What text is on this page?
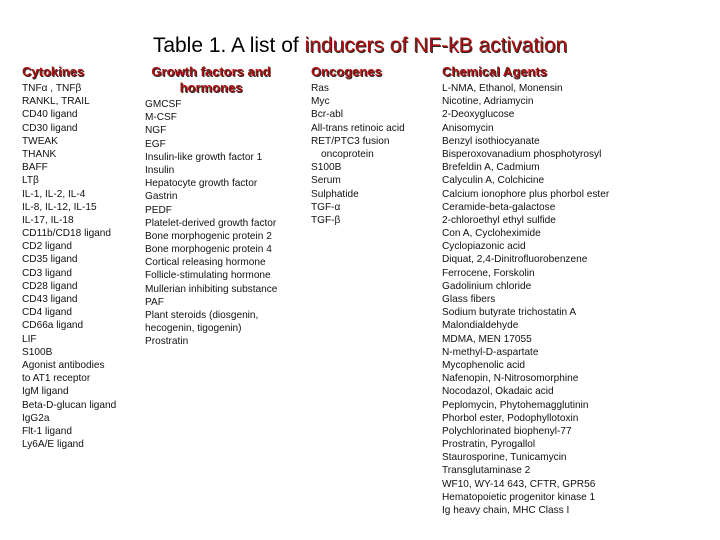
Table 1. A list of inducers of NF-kB activation
Cytokines
TNFα , TNFβ
RANKL, TRAIL
CD40 ligand
CD30 ligand
TWEAK
THANK
BAFF
LTβ
IL-1, IL-2, IL-4
IL-8, IL-12, IL-15
IL-17, IL-18
CD11b/CD18 ligand
CD2 ligand
CD35 ligand
CD3 ligand
CD28 ligand
CD43 ligand
CD4 ligand
CD66a ligand
LIF
S100B
Agonist antibodies
to AT1 receptor
IgM ligand
Beta-D-glucan ligand
IgG2a
Flt-1 ligand
Ly6A/E ligand
Growth factors and
hormones
GMCSF
M-CSF
NGF
EGF
Insulin-like growth factor 1
Insulin
Hepatocyte growth factor
Gastrin
PEDF
Platelet-derived growth factor
Bone morphogenic protein 2
Bone morphogenic protein 4
Cortical releasing hormone
Follicle-stimulating hormone
Mullerian inhibiting substance
PAF
Plant steroids (diosgenin,
hecogenin, tigogenin)
Prostratin
Oncogenes
Ras
Myc
Bcr-abl
All-trans retinoic acid
RET/PTC3 fusion
oncoprotein
S100B
Serum
Sulphatide
TGF-α
TGF-β
Chemical Agents
L-NMA, Ethanol, Monensin
Nicotine, Adriamycin
2-Deoxyglucose
Anisomycin
Benzyl isothiocyanate
Bisperoxovanadium phosphotyrosyl
Brefeldin A, Cadmium
Calyculin A, Colchicine
Calcium ionophore plus phorbol ester
Ceramide-beta-galactose
2-chloroethyl ethyl sulfide
Con A, Cycloheximide
Cyclopiazonic acid
Diquat, 2,4-Dinitrofluorobenzene
Ferrocene, Forskolin
Gadolinium chloride
Glass fibers
Sodium butyrate trichostatin A
Malondialdehyde
MDMA, MEN 17055
N-methyl-D-aspartate
Mycophenolic acid
Nafenopin, N-Nitrosomorphine
Nocodazol, Okadaic acid
Peplomycin, Phytohemagglutinin
Phorbol ester, Podophyllotoxin
Polychlorinated biophenyl-77
Prostratin, Pyrogallol
Staurosporine, Tunicamycin
Transglutaminase 2
WF10, WY-14 643, CFTR, GPR56
Hematopoietic progenitor kinase 1
Ig heavy chain, MHC Class I
